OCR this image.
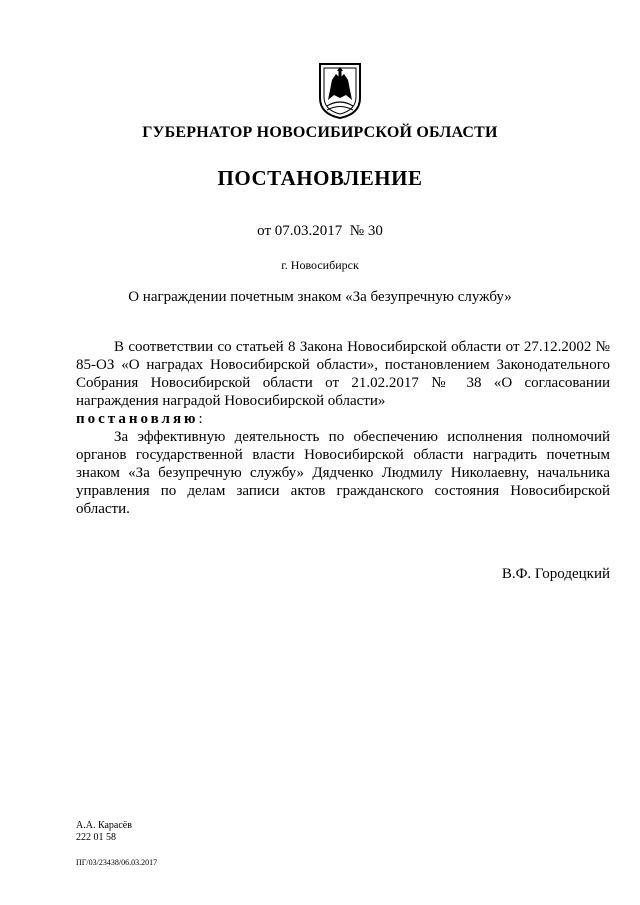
ГУБЕРНАТОР НОВОСИБИРСКОЙ ОБЛАСТИ
ПОСТАНОВЛЕНИЕ
от 07.03.2017 № 30
г. Новосибирск
О награждении почетным знаком «За безупречную службу»

В соответствии со статьей 8 Закона Новосибирской области от 27.12.2002 № 85-ОЗ «О наградах Новосибирской области», постановлением Законодательного Собрания Новосибирской области от 21.02.2017 № 38 «О согласовании награждения наградой Новосибирской области»

постановляю:

За эффективную деятельность по обеспечению исполнения полномочий органов государственной власти Новосибирской области наградить почетным знаком «За безупречную службу» Дядченко Людмилу Николаевну, начальника управления по делам записи актов гражданского состояния Новосибирской области.

В.Ф. Городецкий
А.А. Карасёв
222 01 58
ПГ/03/23438/06.03.2017
